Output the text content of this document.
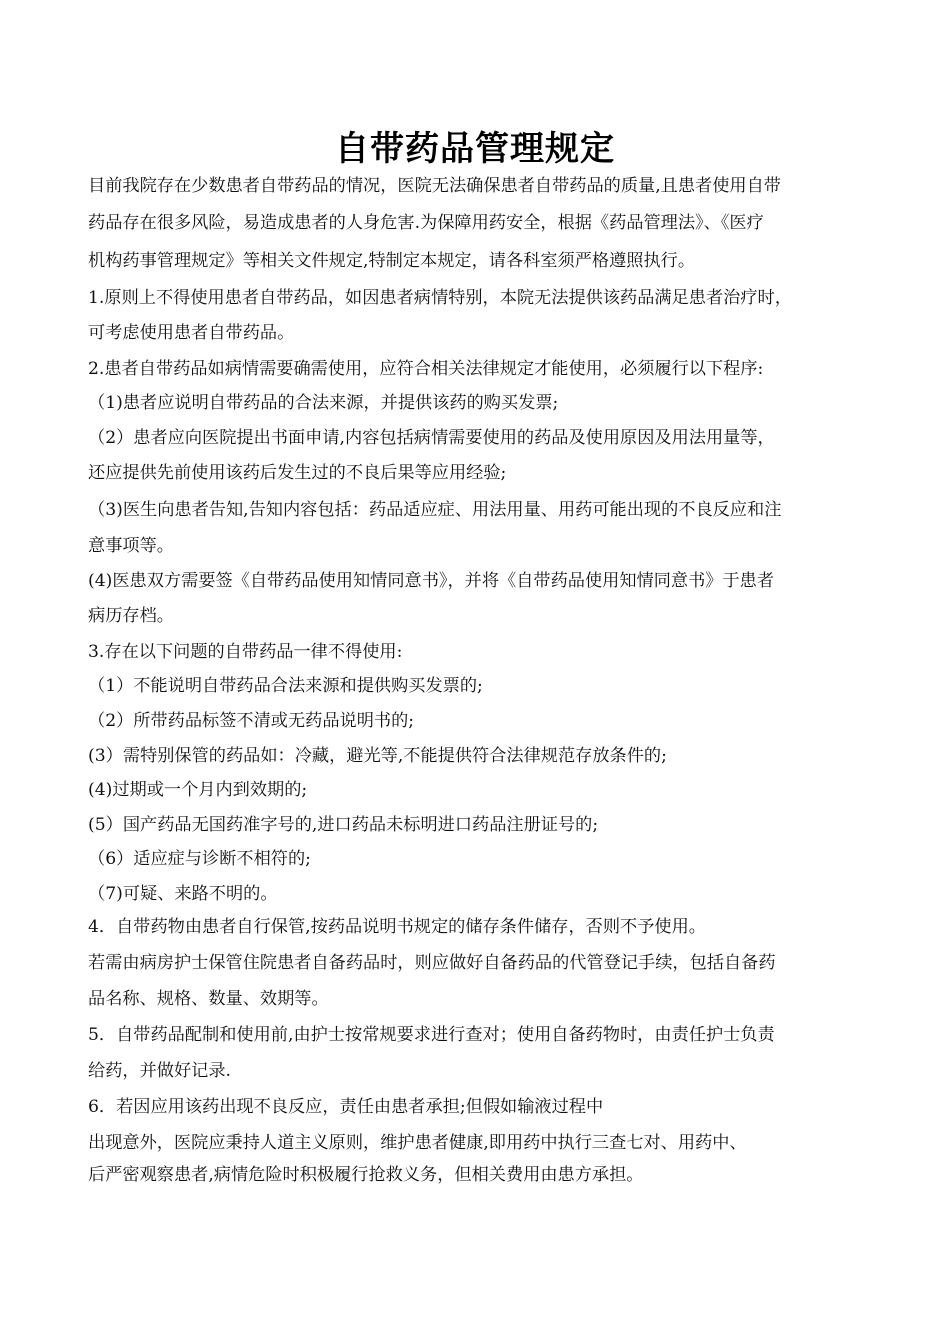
自带药品管理规定
目前我院存在少数患者自带药品的情况，医院无法确保患者自带药品的质量,且患者使用自带
药品存在很多风险，易造成患者的人身危害.为保障用药安全，根据《药品管理法》、《医疗
机构药事管理规定》等相关文件规定,特制定本规定，请各科室须严格遵照执行。
1.原则上不得使用患者自带药品，如因患者病情特别，本院无法提供该药品满足患者治疗时，
可考虑使用患者自带药品。
2.患者自带药品如病情需要确需使用，应符合相关法律规定才能使用，必须履行以下程序:
（1)患者应说明自带药品的合法来源，并提供该药的购买发票;
（2）患者应向医院提出书面申请,内容包括病情需要使用的药品及使用原因及用法用量等，
还应提供先前使用该药后发生过的不良后果等应用经验;
（3)医生向患者告知,告知内容包括：药品适应症、用法用量、用药可能出现的不良反应和注
意事项等。
(4)医患双方需要签《自带药品使用知情同意书》，并将《自带药品使用知情同意书》于患者
病历存档。
3.存在以下问题的自带药品一律不得使用:
（1）不能说明自带药品合法来源和提供购买发票的;
（2）所带药品标签不清或无药品说明书的;
(3）需特别保管的药品如：冷藏，避光等,不能提供符合法律规范存放条件的;
(4)过期或一个月内到效期的;
(5）国产药品无国药准字号的,进口药品未标明进口药品注册证号的;
（6）适应症与诊断不相符的;
（7)可疑、来路不明的。
4．自带药物由患者自行保管,按药品说明书规定的储存条件储存，否则不予使用。
若需由病房护士保管住院患者自备药品时，则应做好自备药品的代管登记手续，包括自备药
品名称、规格、数量、效期等。
5．自带药品配制和使用前,由护士按常规要求进行查对；使用自备药物时，由责任护士负责
给药，并做好记录.
6．若因应用该药出现不良反应，责任由患者承担;但假如输液过程中
出现意外，医院应秉持人道主义原则，维护患者健康,即用药中执行三查七对、用药中、
后严密观察患者,病情危险时积极履行抢救义务，但相关费用由患方承担。
